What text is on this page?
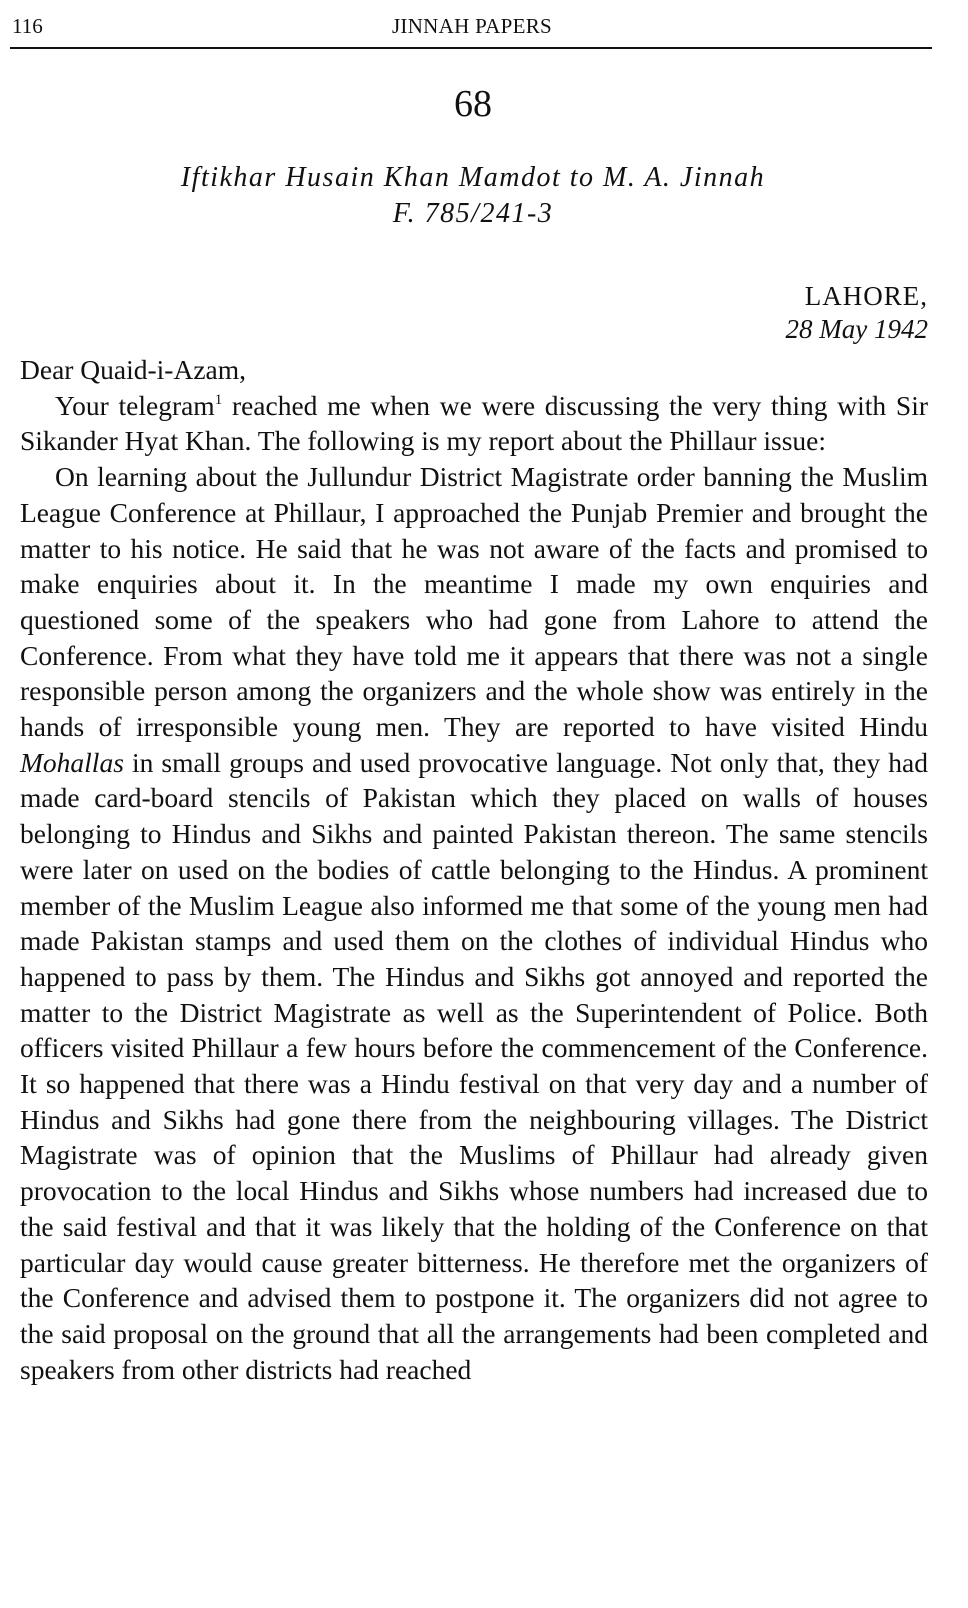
116	JINNAH PAPERS
68
Iftikhar Husain Khan Mamdot to M. A. Jinnah
F. 785/241-3
LAHORE,
28 May 1942

Dear Quaid-i-Azam,

Your telegram$^1$ reached me when we were discussing the very thing with Sir Sikander Hyat Khan. The following is my report about the Phillaur issue:

On learning about the Jullundur District Magistrate order banning the Muslim League Conference at Phillaur, I approached the Punjab Premier and brought the matter to his notice. He said that he was not aware of the facts and promised to make enquiries about it. In the meantime I made my own enquiries and questioned some of the speakers who had gone from Lahore to attend the Conference. From what they have told me it appears that there was not a single responsible person among the organizers and the whole show was entirely in the hands of irresponsible young men. They are reported to have visited Hindu Mohallas in small groups and used provocative language. Not only that, they had made card-board stencils of Pakistan which they placed on walls of houses belonging to Hindus and Sikhs and painted Pakistan thereon. The same stencils were later on used on the bodies of cattle belonging to the Hindus. A prominent member of the Muslim League also informed me that some of the young men had made Pakistan stamps and used them on the clothes of individual Hindus who happened to pass by them. The Hindus and Sikhs got annoyed and reported the matter to the District Magistrate as well as the Superintendent of Police. Both officers visited Phillaur a few hours before the commencement of the Conference. It so happened that there was a Hindu festival on that very day and a number of Hindus and Sikhs had gone there from the neighbouring villages. The District Magistrate was of opinion that the Muslims of Phillaur had already given provocation to the local Hindus and Sikhs whose numbers had increased due to the said festival and that it was likely that the holding of the Conference on that particular day would cause greater bitterness. He therefore met the organizers of the Conference and advised them to postpone it. The organizers did not agree to the said proposal on the ground that all the arrangements had been completed and speakers from other districts had reached
